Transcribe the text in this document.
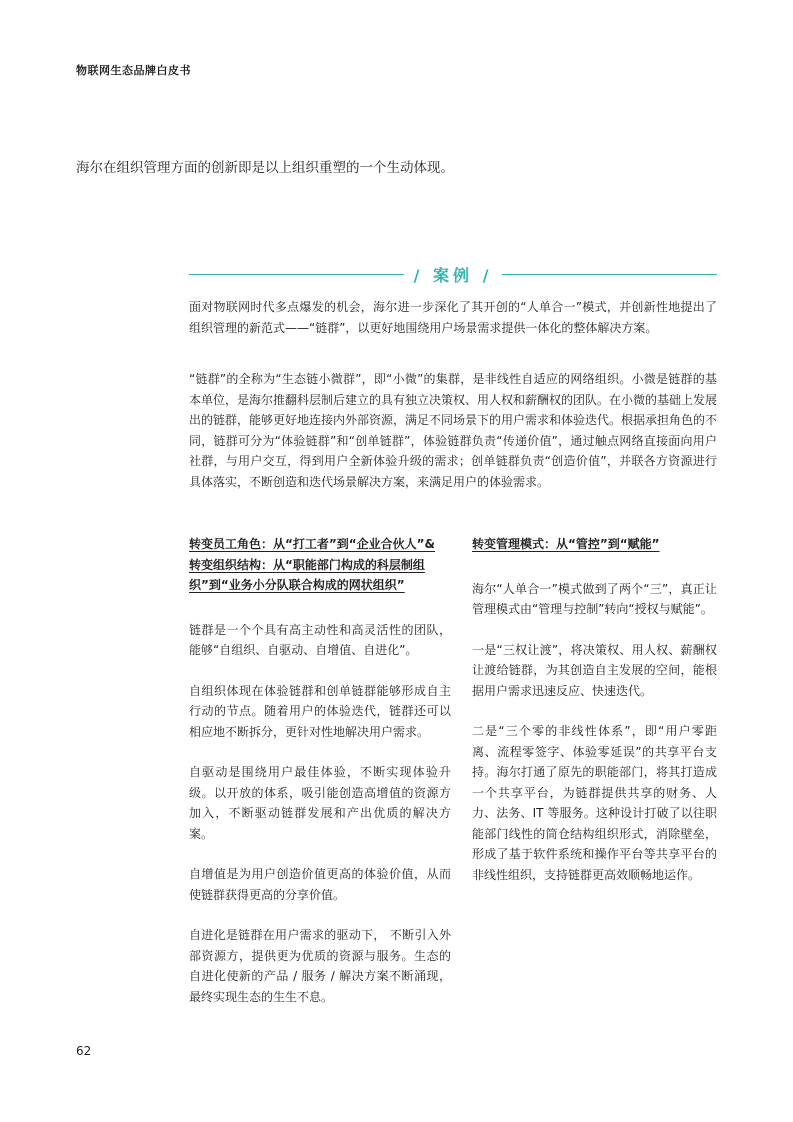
物联网生态品牌白皮书
海尔在组织管理方面的创新即是以上组织重塑的一个生动体现。
/ 案例 /

面对物联网时代多点爆发的机会，海尔进一步深化了其开创的“人单合一”模式，并创新性地提出了组织管理的新范式——“链群”，以更好地围绕用户场景需求提供一体化的整体解决方案。

“链群”的全称为“生态链小微群”，即“小微”的集群，是非线性自适应的网络组织。小微是链群的基本单位，是海尔推翻科层制后建立的具有独立决策权、用人权和薪酬权的团队。在小微的基础上发展出的链群，能够更好地连接内外部资源，满足不同场景下的用户需求和体验迭代。根据承担角色的不同，链群可分为“体验链群”和“创单链群”，体验链群负责“传递价值”，通过触点网络直接面向用户社群，与用户交互，得到用户全新体验升级的需求；创单链群负责“创造价值”，并联各方资源进行具体落实，不断创造和迭代场景解决方案，来满足用户的体验需求。

转变员工角色：从“打工者”到“企业合伙人”& 转变组织结构：从“职能部门构成的科层制组织”到“业务小分队联合构成的网状组织”

链群是一个个具有高主动性和高灵活性的团队，能够“自组织、自驱动、自增值、自进化”。

自组织体现在体验链群和创单链群能够形成自主行动的节点。随着用户的体验迭代，链群还可以相应地不断拆分，更针对性地解决用户需求。

自驱动是围绕用户最佳体验，不断实现体验升级。以开放的体系，吸引能创造高增值的资源方加入，不断驱动链群发展和产出优质的解决方案。

自增值是为用户创造价值更高的体验价值，从而使链群获得更高的分享价值。

自进化是链群在用户需求的驱动下， 不断引入外部资源方，提供更为优质的资源与服务。生态的自进化使新的产品 / 服务 / 解决方案不断涌现，最终实现生态的生生不息。

转变管理模式：从“管控”到“赋能”

海尔“人单合一”模式做到了两个“三”，真正让管理模式由“管理与控制”转向“授权与赋能”。

一是“三权让渡”，将决策权、用人权、薪酬权让渡给链群，为其创造自主发展的空间，能根据用户需求迅速反应、快速迭代。

二是“三个零的非线性体系”，即“用户零距离、流程零签字、体验零延误”的共享平台支持。海尔打通了原先的职能部门，将其打造成一个共享平台，为链群提供共享的财务、人力、法务、IT 等服务。这种设计打破了以往职能部门线性的筒仓结构组织形式，消除壁垒，形成了基于软件系统和操作平台等共享平台的非线性组织，支持链群更高效顺畅地运作。

62
